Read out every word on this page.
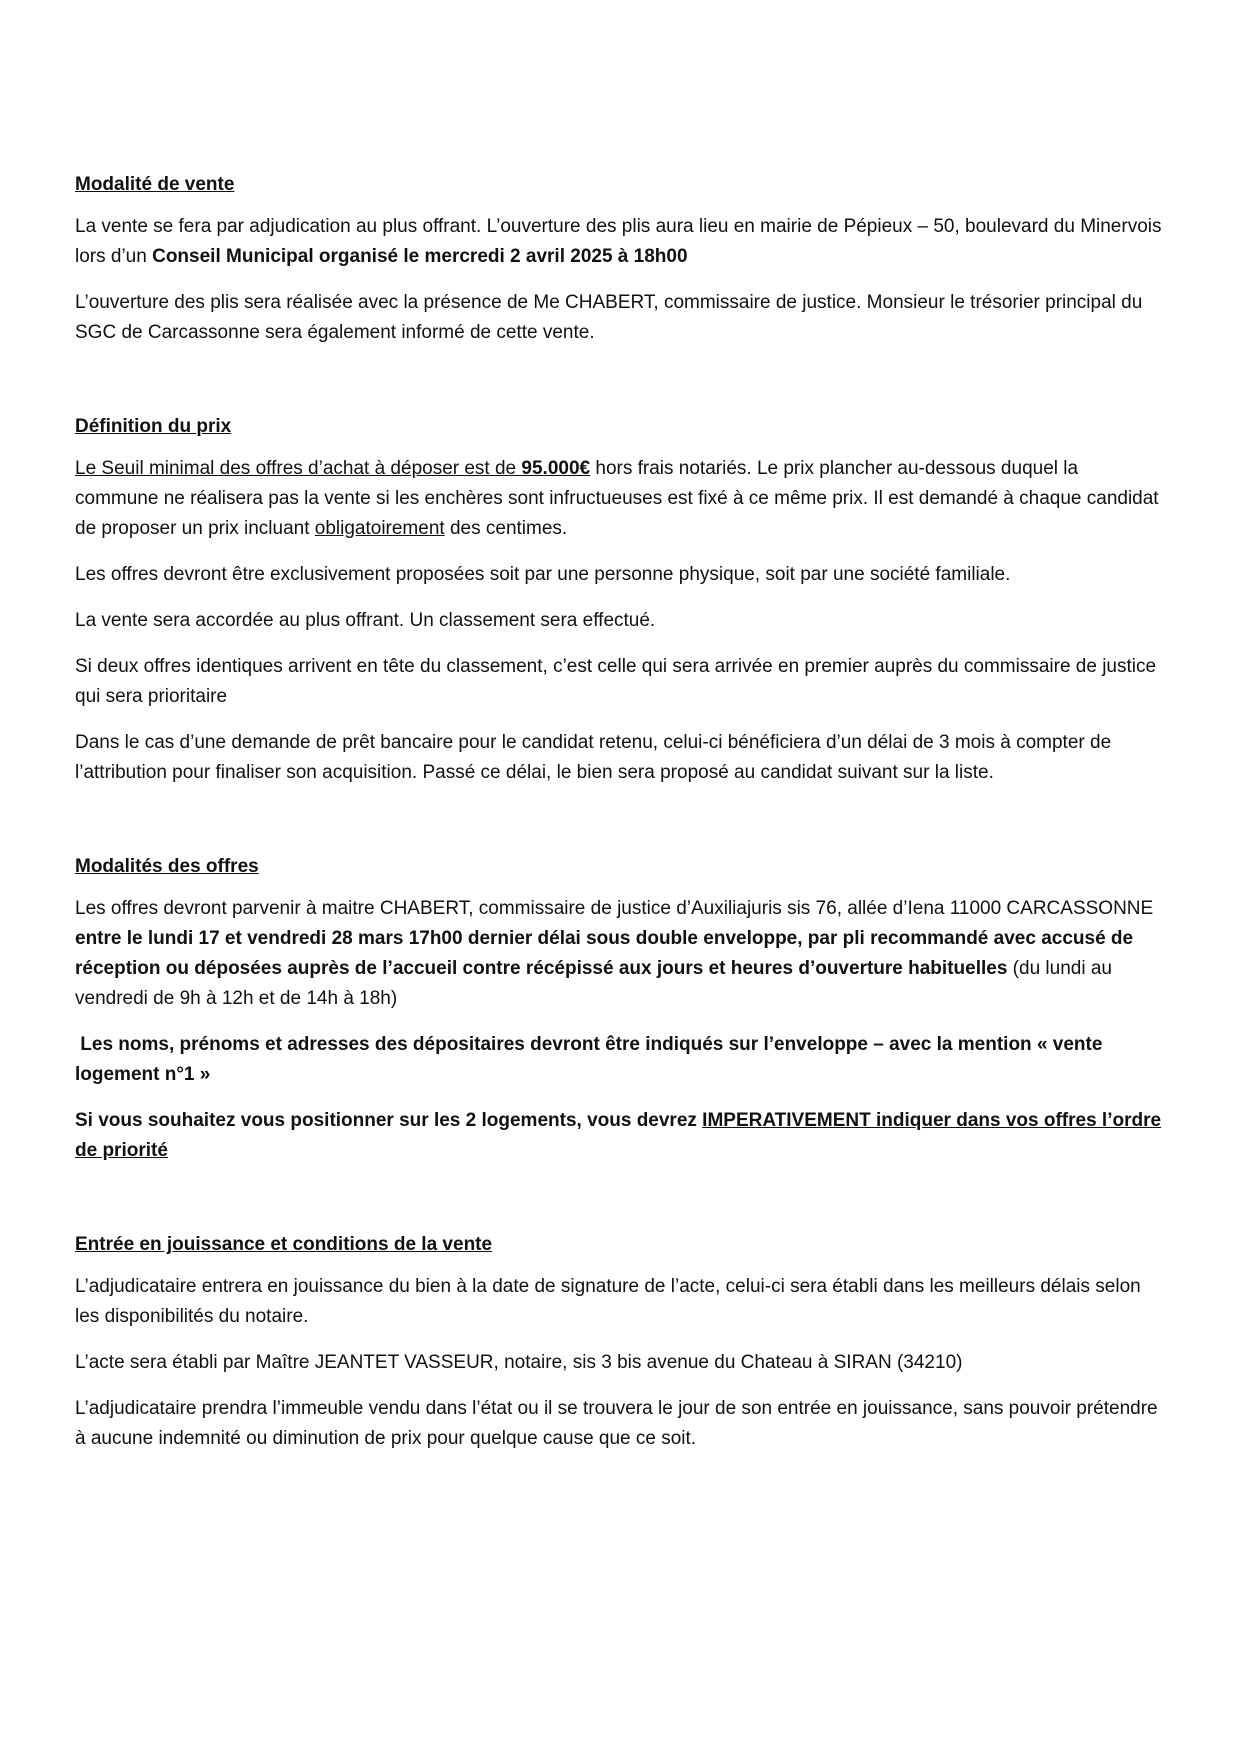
Modalité de vente

La vente se fera par adjudication au plus offrant. L’ouverture des plis aura lieu en mairie de Pépieux – 50, boulevard du Minervois lors d’un Conseil Municipal organisé le mercredi 2 avril 2025 à 18h00

L’ouverture des plis sera réalisée avec la présence de Me CHABERT, commissaire de justice. Monsieur le trésorier principal du SGC de Carcassonne sera également informé de cette vente.

Définition du prix

Le Seuil minimal des offres d’achat à déposer est de 95.000€ hors frais notariés. Le prix plancher au-dessous duquel la commune ne réalisera pas la vente si les enchères sont infructueuses est fixé à ce même prix. Il est demandé à chaque candidat de proposer un prix incluant obligatoirement des centimes.

Les offres devront être exclusivement proposées soit par une personne physique, soit par une société familiale.

La vente sera accordée au plus offrant. Un classement sera effectué.

Si deux offres identiques arrivent en tête du classement, c’est celle qui sera arrivée en premier auprès du commissaire de justice qui sera prioritaire

Dans le cas d’une demande de prêt bancaire pour le candidat retenu, celui-ci bénéficiera d’un délai de 3 mois à compter de l’attribution pour finaliser son acquisition. Passé ce délai, le bien sera proposé au candidat suivant sur la liste.

Modalités des offres

Les offres devront parvenir à maitre CHABERT, commissaire de justice d’Auxiliajuris sis 76, allée d’Iena 11000 CARCASSONNE entre le lundi 17 et vendredi 28 mars 17h00 dernier délai sous double enveloppe, par pli recommandé avec accusé de réception ou déposées auprès de l’accueil contre récépissé aux jours et heures d’ouverture habituelles (du lundi au vendredi de 9h à 12h et de 14h à 18h)

Les noms, prénoms et adresses des dépositaires devront être indiqués sur l’enveloppe – avec la mention « vente logement n°1 »

Si vous souhaitez vous positionner sur les 2 logements, vous devrez IMPERATIVEMENT indiquer dans vos offres l’ordre de priorité

Entrée en jouissance et conditions de la vente

L’adjudicataire entrera en jouissance du bien à la date de signature de l’acte, celui-ci sera établi dans les meilleurs délais selon les disponibilités du notaire.

L’acte sera établi par Maître JEANTET VASSEUR, notaire, sis 3 bis avenue du Chateau à SIRAN (34210)

L’adjudicataire prendra l’immeuble vendu dans l’état ou il se trouvera le jour de son entrée en jouissance, sans pouvoir prétendre à aucune indemnité ou diminution de prix pour quelque cause que ce soit.
